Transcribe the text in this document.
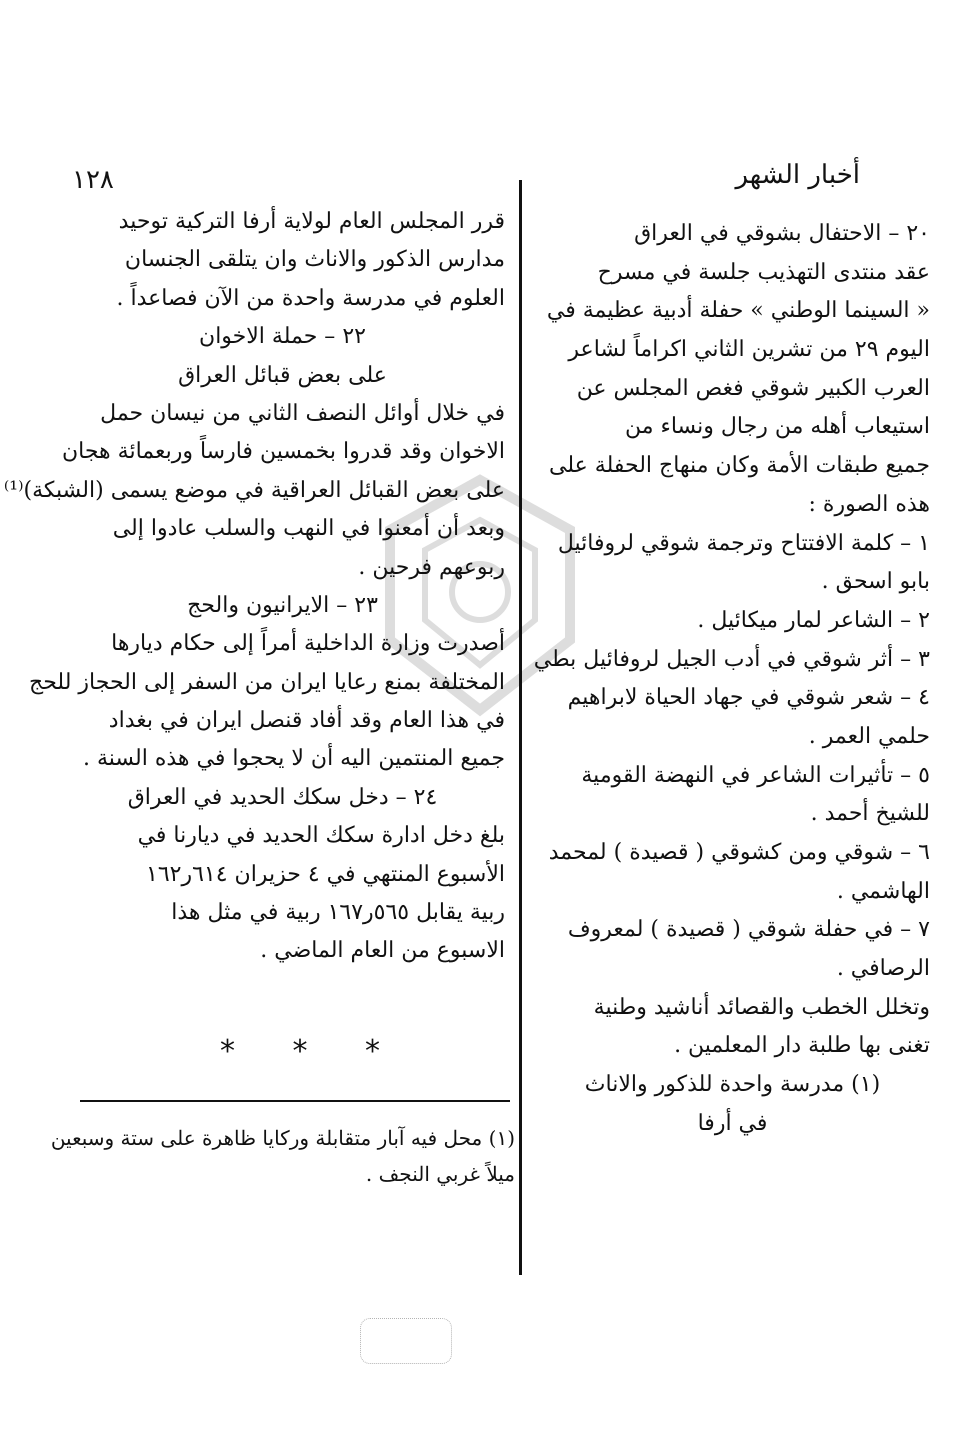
أخبار الشهر
١٢٨
٢٠ – الاحتفال بشوقي في العراق
عقد منتدى التهذيب جلسة في مسرح
« السينما الوطني » حفلة أدبية عظيمة في
اليوم ٢٩ من تشرين الثاني اكراماً لشاعر
العرب الكبير شوقي فغص المجلس عن
استيعاب أهله من رجال ونساء من
جميع طبقات الأمة وكان منهاج الحفلة على
هذه الصورة :
١ – كلمة الافتتاح وترجمة شوقي لروفائيل
بابو اسحق .
٢ – الشاعر لمار ميكائيل .
٣ – أثر شوقي في أدب الجيل لروفائيل بطي
٤ – شعر شوقي في جهاد الحياة لابراهيم
حلمي العمر .
٥ – تأثيرات الشاعر في النهضة القومية
للشيخ أحمد .
٦ – شوقي ومن كشوقي ( قصيدة ) لمحمد
الهاشمي .
٧ – في حفلة شوقي ( قصيدة ) لمعروف
الرصافي .
وتخلل الخطب والقصائد أناشيد وطنية
تغنى بها طلبة دار المعلمين .
(١) مدرسة واحدة للذكور والاناث
في أرفا
قرر المجلس العام لولاية أرفا التركية توحيد
مدارس الذكور والاناث وان يتلقى الجنسان
العلوم في مدرسة واحدة من الآن فصاعداً .
٢٢ – حملة الاخوان
على بعض قبائل العراق
في خلال أوائل النصف الثاني من نيسان حمل
الاخوان وقد قدروا بخمسين فارساً وربعمائة هجان
على بعض القبائل العراقية في موضع يسمى (الشبكة)⁽¹⁾
وبعد أن أمعنوا في النهب والسلب عادوا إلى
ربوعهم فرحين .
٢٣ – الايرانيون والحج
أصدرت وزارة الداخلية أمراً إلى حكام ديارها
المختلفة بمنع رعايا ايران من السفر إلى الحجاز للحج
في هذا العام وقد أفاد قنصل ايران في بغداد
جميع المنتمين اليه أن لا يحجوا في هذه السنة .
٢٤ – دخل سكك الحديد في العراق
بلغ دخل ادارة سكك الحديد في ديارنا في
الأسبوع المنتهي في ٤ حزيران ٦١٤ر١٦٢
ربية يقابل ٥٦٥ر١٦٧ ربية في مثل هذا
الاسبوع من العام الماضي .
* * *
(١) محل فيه آبار متقابلة وركايا ظاهرة على ستة وسبعين
ميلاً غربي النجف .
